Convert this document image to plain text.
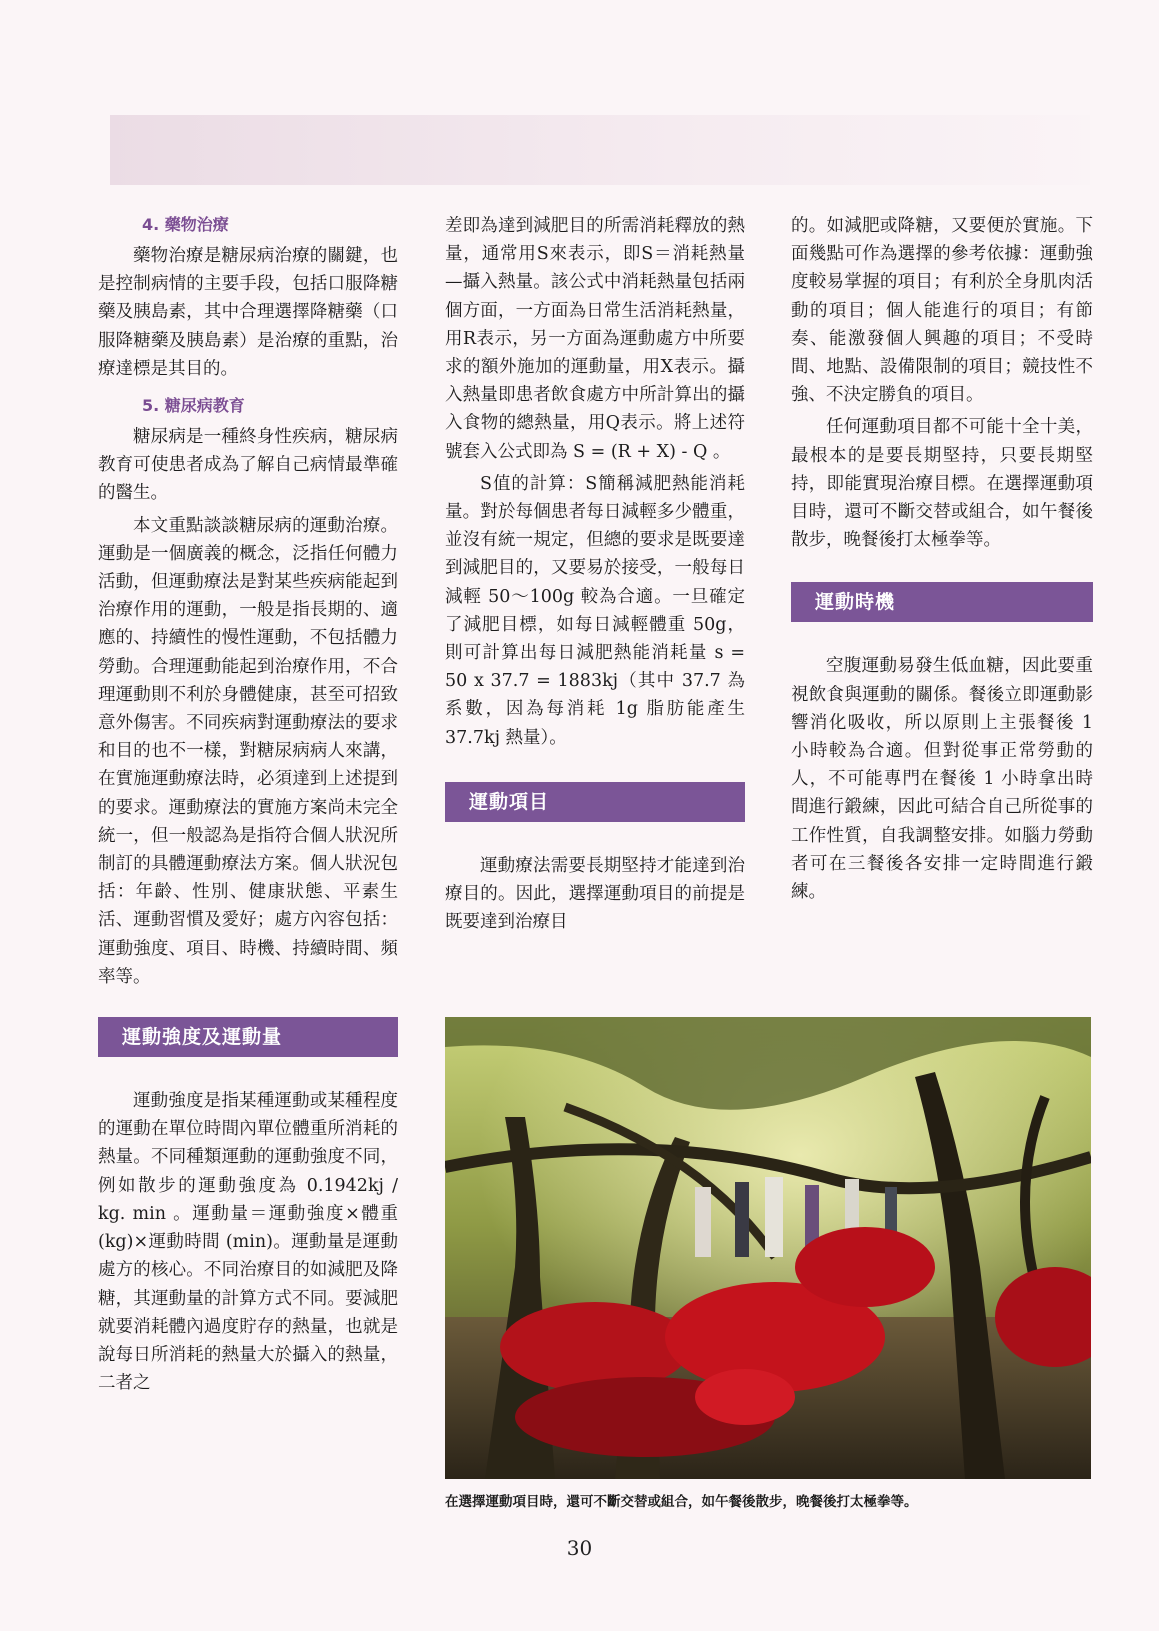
4. 藥物治療

藥物治療是糖尿病治療的關鍵，也是控制病情的主要手段，包括口服降糖藥及胰島素，其中合理選擇降糖藥（口服降糖藥及胰島素）是治療的重點，治療達標是其目的。

5. 糖尿病教育

糖尿病是一種終身性疾病，糖尿病教育可使患者成為了解自己病情最準確的醫生。

本文重點談談糖尿病的運動治療。運動是一個廣義的概念，泛指任何體力活動，但運動療法是對某些疾病能起到治療作用的運動，一般是指長期的、適應的、持續性的慢性運動，不包括體力勞動。合理運動能起到治療作用，不合理運動則不利於身體健康，甚至可招致意外傷害。不同疾病對運動療法的要求和目的也不一樣，對糖尿病病人來講，在實施運動療法時，必須達到上述提到的要求。運動療法的實施方案尚未完全統一，但一般認為是指符合個人狀況所制訂的具體運動療法方案。個人狀況包括：年齡、性別、健康狀態、平素生活、運動習慣及愛好；處方內容包括：運動強度、項目、時機、持續時間、頻率等。

運動強度及運動量

運動強度是指某種運動或某種程度的運動在單位時間內單位體重所消耗的熱量。不同種類運動的運動強度不同，例如散步的運動強度為 0.1942kj / kg. min 。運動量＝運動強度×體重 (kg)×運動時間 (min)。運動量是運動處方的核心。不同治療目的如減肥及降糖，其運動量的計算方式不同。要減肥就要消耗體內過度貯存的熱量，也就是說每日所消耗的熱量大於攝入的熱量，二者之

差即為達到減肥目的所需消耗釋放的熱量，通常用S來表示，即S＝消耗熱量—攝入熱量。該公式中消耗熱量包括兩個方面，一方面為日常生活消耗熱量，用R表示，另一方面為運動處方中所要求的額外施加的運動量，用X表示。攝入熱量即患者飲食處方中所計算出的攝入食物的總熱量，用Q表示。將上述符號套入公式即為 S = (R + X) - Q 。

S值的計算：S簡稱減肥熱能消耗量。對於每個患者每日減輕多少體重，並沒有統一規定，但總的要求是既要達到減肥目的，又要易於接受，一般每日減輕 50～100g 較為合適。一旦確定了減肥目標，如每日減輕體重 50g，則可計算出每日減肥熱能消耗量 s = 50 x 37.7 = 1883kj（其中 37.7 為系數，因為每消耗 1g 脂肪能產生 37.7kj 熱量）。

運動項目

運動療法需要長期堅持才能達到治療目的。因此，選擇運動項目的前提是既要達到治療目

的。如減肥或降糖，又要便於實施。下面幾點可作為選擇的參考依據：運動強度較易掌握的項目；有利於全身肌肉活動的項目；個人能進行的項目；有節奏、能激發個人興趣的項目；不受時間、地點、設備限制的項目；競技性不強、不決定勝負的項目。

任何運動項目都不可能十全十美，最根本的是要長期堅持，只要長期堅持，即能實現治療目標。在選擇運動項目時，還可不斷交替或組合，如午餐後散步，晚餐後打太極拳等。

運動時機

空腹運動易發生低血糖，因此要重視飲食與運動的關係。餐後立即運動影響消化吸收，所以原則上主張餐後 1 小時較為合適。但對從事正常勞動的人，不可能專門在餐後 1 小時拿出時間進行鍛練，因此可結合自己所從事的工作性質，自我調整安排。如腦力勞動者可在三餐後各安排一定時間進行鍛練。

在選擇運動項目時，還可不斷交替或組合，如午餐後散步，晚餐後打太極拳等。
30
